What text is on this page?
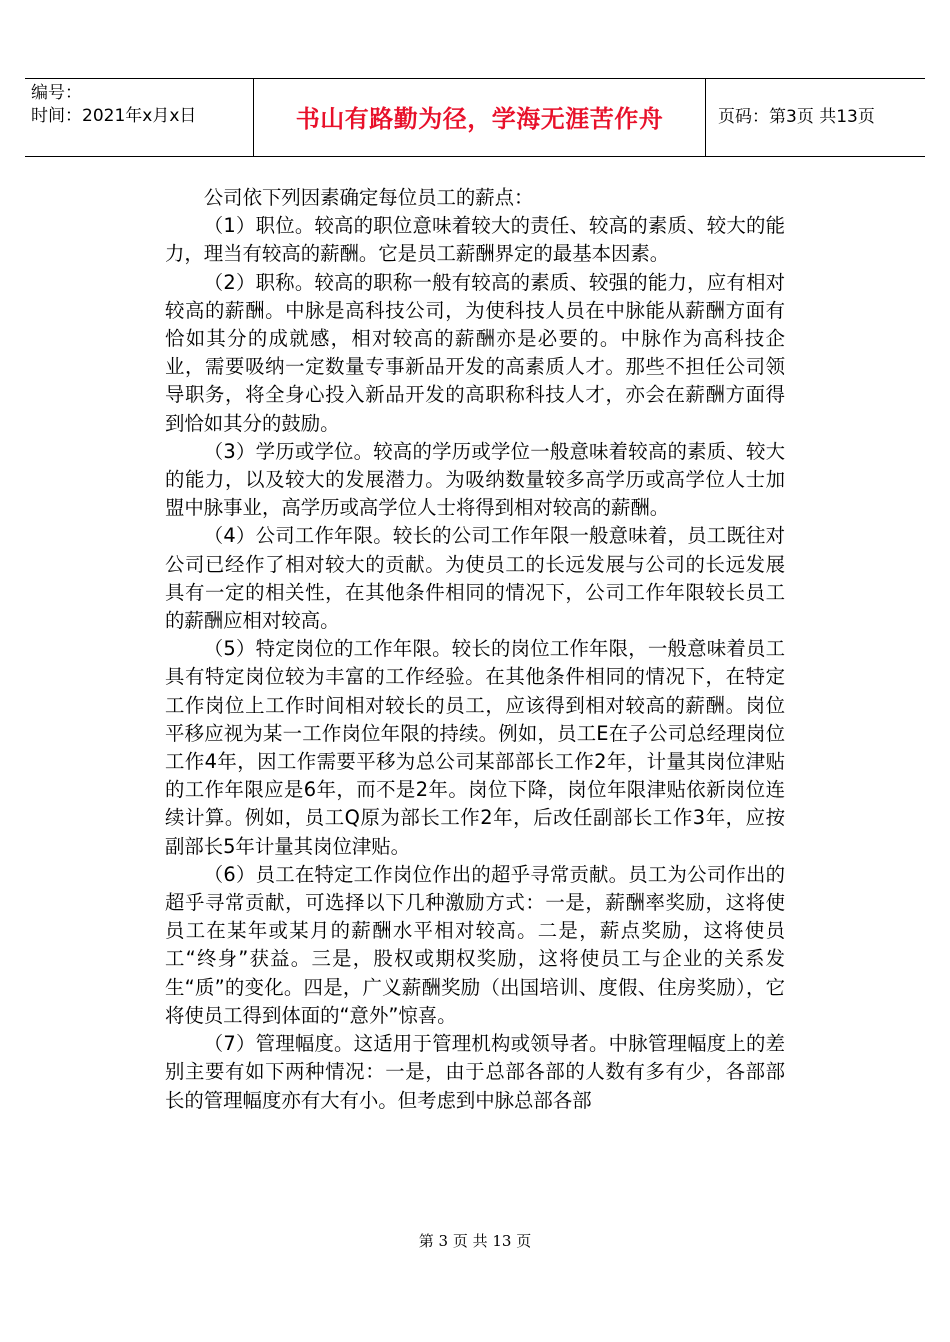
编号：
时间：2021年x月x日	书山有路勤为径，学海无涯苦作舟	页码：第3页 共13页

公司依下列因素确定每位员工的薪点：

（1）职位。较高的职位意味着较大的责任、较高的素质、较大的能力，理当有较高的薪酬。它是员工薪酬界定的最基本因素。

（2）职称。较高的职称一般有较高的素质、较强的能力，应有相对较高的薪酬。中脉是高科技公司，为使科技人员在中脉能从薪酬方面有恰如其分的成就感，相对较高的薪酬亦是必要的。中脉作为高科技企业，需要吸纳一定数量专事新品开发的高素质人才。那些不担任公司领导职务，将全身心投入新品开发的高职称科技人才，亦会在薪酬方面得到恰如其分的鼓励。

（3）学历或学位。较高的学历或学位一般意味着较高的素质、较大的能力，以及较大的发展潜力。为吸纳数量较多高学历或高学位人士加盟中脉事业，高学历或高学位人士将得到相对较高的薪酬。

（4）公司工作年限。较长的公司工作年限一般意味着，员工既往对公司已经作了相对较大的贡献。为使员工的长远发展与公司的长远发展具有一定的相关性，在其他条件相同的情况下，公司工作年限较长员工的薪酬应相对较高。

（5）特定岗位的工作年限。较长的岗位工作年限，一般意味着员工具有特定岗位较为丰富的工作经验。在其他条件相同的情况下，在特定工作岗位上工作时间相对较长的员工，应该得到相对较高的薪酬。岗位平移应视为某一工作岗位年限的持续。例如，员工E在子公司总经理岗位工作4年，因工作需要平移为总公司某部部长工作2年，计量其岗位津贴的工作年限应是6年，而不是2年。岗位下降，岗位年限津贴依新岗位连续计算。例如，员工Q原为部长工作2年，后改任副部长工作3年，应按副部长5年计量其岗位津贴。

（6）员工在特定工作岗位作出的超乎寻常贡献。员工为公司作出的超乎寻常贡献，可选择以下几种激励方式：一是，薪酬率奖励，这将使员工在某年或某月的薪酬水平相对较高。二是，薪点奖励，这将使员工“终身”获益。三是，股权或期权奖励，这将使员工与企业的关系发生“质”的变化。四是，广义薪酬奖励（出国培训、度假、住房奖励），它将使员工得到体面的“意外”惊喜。

（7）管理幅度。这适用于管理机构或领导者。中脉管理幅度上的差别主要有如下两种情况：一是，由于总部各部的人数有多有少，各部部长的管理幅度亦有大有小。但考虑到中脉总部各部

第 3 页 共 13 页
